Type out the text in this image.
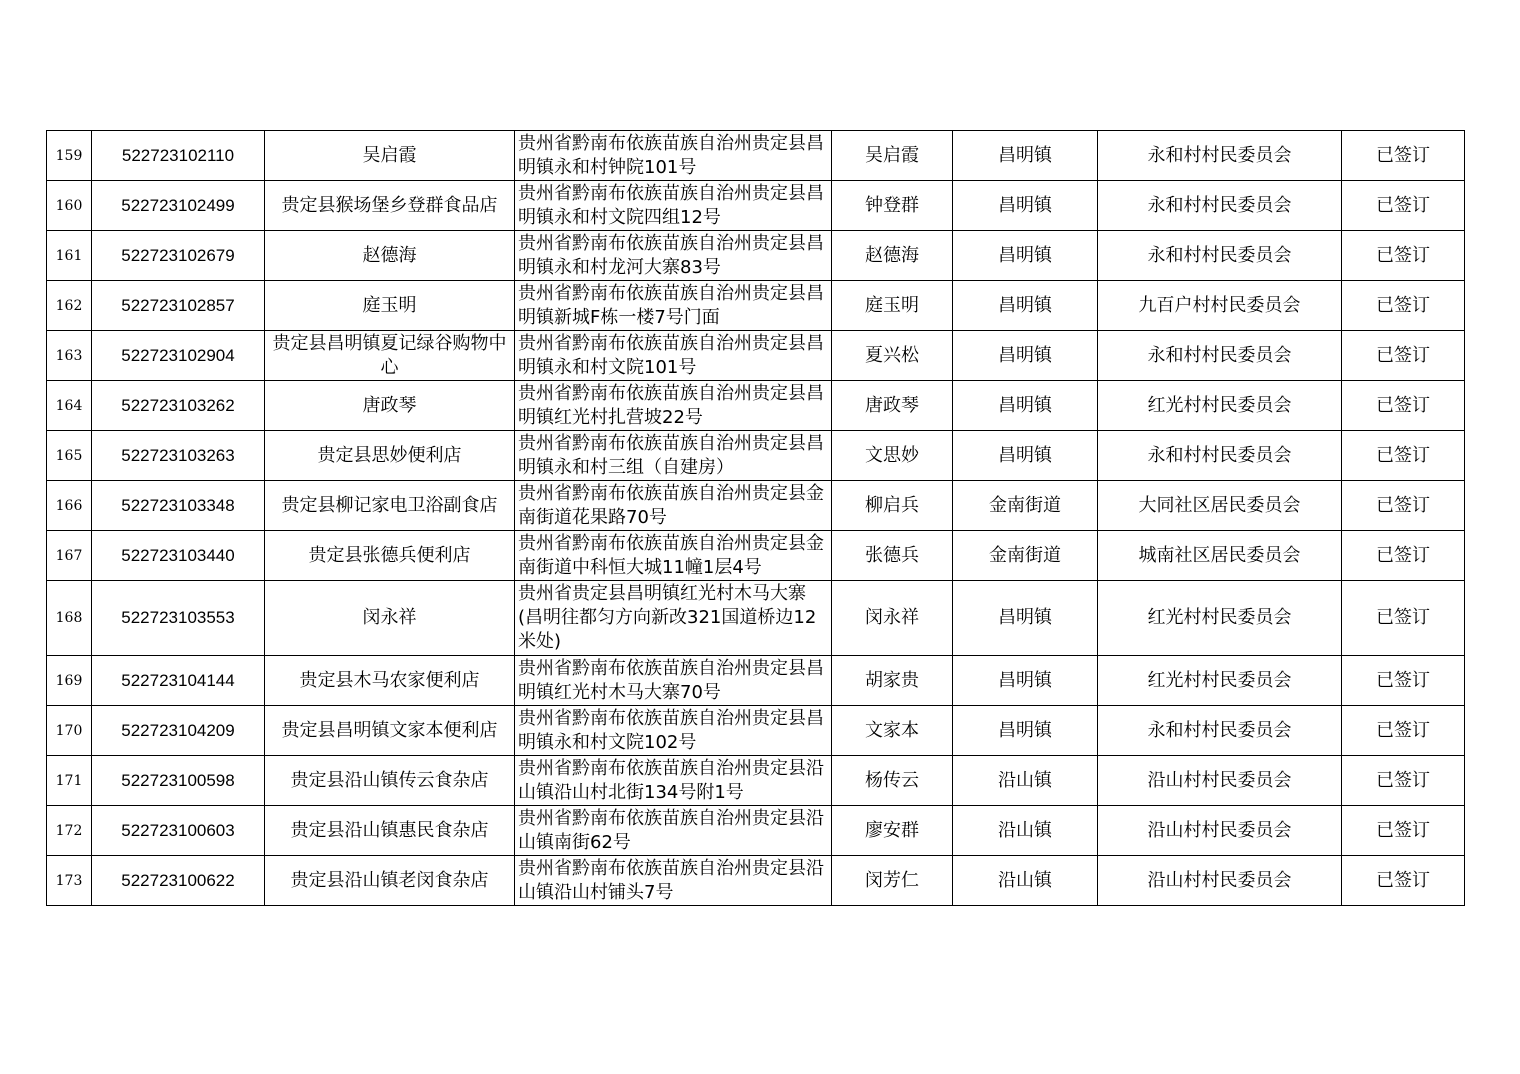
159	522723102110	吴启霞	贵州省黔南布依族苗族自治州贵定县昌明镇永和村钟院101号	吴启霞	昌明镇	永和村村民委员会	已签订
160	522723102499	贵定县猴场堡乡登群食品店	贵州省黔南布依族苗族自治州贵定县昌明镇永和村文院四组12号	钟登群	昌明镇	永和村村民委员会	已签订
161	522723102679	赵德海	贵州省黔南布依族苗族自治州贵定县昌明镇永和村龙河大寨83号	赵德海	昌明镇	永和村村民委员会	已签订
162	522723102857	庭玉明	贵州省黔南布依族苗族自治州贵定县昌明镇新城F栋一楼7号门面	庭玉明	昌明镇	九百户村村民委员会	已签订
163	522723102904	贵定县昌明镇夏记绿谷购物中心	贵州省黔南布依族苗族自治州贵定县昌明镇永和村文院101号	夏兴松	昌明镇	永和村村民委员会	已签订
164	522723103262	唐政琴	贵州省黔南布依族苗族自治州贵定县昌明镇红光村扎营坡22号	唐政琴	昌明镇	红光村村民委员会	已签订
165	522723103263	贵定县思妙便利店	贵州省黔南布依族苗族自治州贵定县昌明镇永和村三组（自建房）	文思妙	昌明镇	永和村村民委员会	已签订
166	522723103348	贵定县柳记家电卫浴副食店	贵州省黔南布依族苗族自治州贵定县金南街道花果路70号	柳启兵	金南街道	大同社区居民委员会	已签订
167	522723103440	贵定县张德兵便利店	贵州省黔南布依族苗族自治州贵定县金南街道中科恒大城11幢1层4号	张德兵	金南街道	城南社区居民委员会	已签订
168	522723103553	闵永祥	贵州省贵定县昌明镇红光村木马大寨(昌明往都匀方向新改321国道桥边12米处)	闵永祥	昌明镇	红光村村民委员会	已签订
169	522723104144	贵定县木马农家便利店	贵州省黔南布依族苗族自治州贵定县昌明镇红光村木马大寨70号	胡家贵	昌明镇	红光村村民委员会	已签订
170	522723104209	贵定县昌明镇文家本便利店	贵州省黔南布依族苗族自治州贵定县昌明镇永和村文院102号	文家本	昌明镇	永和村村民委员会	已签订
171	522723100598	贵定县沿山镇传云食杂店	贵州省黔南布依族苗族自治州贵定县沿山镇沿山村北街134号附1号	杨传云	沿山镇	沿山村村民委员会	已签订
172	522723100603	贵定县沿山镇惠民食杂店	贵州省黔南布依族苗族自治州贵定县沿山镇南街62号	廖安群	沿山镇	沿山村村民委员会	已签订
173	522723100622	贵定县沿山镇老闵食杂店	贵州省黔南布依族苗族自治州贵定县沿山镇沿山村铺头7号	闵芳仁	沿山镇	沿山村村民委员会	已签订
